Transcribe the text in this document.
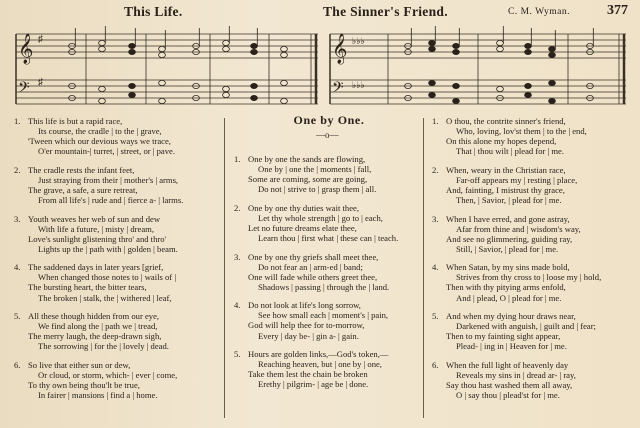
This Life.	The Sinner's Friend.	C. M. Wyman.	377
𝄞
𝄢
♯
♯
𝄞
𝄢
♭♭♭
♭♭♭
One by One.
—o—
1. This life is but a rapid race,
Its course, the cradle | to the | grave,
'Tween which our devious ways we trace,
O'er mountain-| turret, | street, or | pave.
2. The cradle rests the infant feet,
Just straying from their | mother's | arms,
The grave, a safe, a sure retreat,
From all life's | rude and | fierce a- | larms.
3. Youth weaves her web of sun and dew
With life a future, | misty | dream,
Love's sunlight glistening thro' and thro'
Lights up the | path with | golden | beam.
4. The saddened days in later years [grief,
When changed those notes to | wails of |
The bursting heart, the bitter tears,
The broken | stalk, the | withered | leaf,
5. All these though hidden from our eye,
We find along the | path we | tread,
The merry laugh, the deep-drawn sigh,
The sorrowing | for the | lovely | dead.
6. So live that either sun or dew,
Or cloud, or storm, which- | ever | come,
To thy own being thou'lt be true,
In fairer | mansions | find a | home.
1. One by one the sands are flowing,
One by | one the | moments | fall,
Some are coming, some are going,
Do not | strive to | grasp them | all.
2. One by one thy duties wait thee,
Let thy whole strength | go to | each,
Let no future dreams elate thee,
Learn thou | first what | these can | teach.
3. One by one thy griefs shall meet thee,
Do not fear an | arm-ed | band;
One will fade while others greet thee,
Shadows | passing | through the | land.
4. Do not look at life's long sorrow,
See how small each | moment's | pain,
God will help thee for to-morrow,
Every | day be- | gin a- | gain.
5. Hours are golden links,—God's token,—
Reaching heaven, but | one by | one,
Take them lest the chain be broken
Erethy | pilgrim- | age be | done.
1. O thou, the contrite sinner's friend,
Who, loving, lov'st them | to the | end,
On this alone my hopes depend,
That | thou wilt | plead for | me.
2. When, weary in the Christian race,
Far-off appears my | resting | place,
And, fainting, I mistrust thy grace,
Then, | Savior, | plead for | me.
3. When I have erred, and gone astray,
Afar from thine and | wisdom's way,
And see no glimmering, guiding ray,
Still, | Savior, | plead for | me.
4. When Satan, by my sins made bold,
Strives from thy cross to | loose my | hold,
Then with thy pitying arms enfold,
And | plead, O | plead for | me.
5. And when my dying hour draws near,
Darkened with anguish, | guilt and | fear;
Then to my fainting sight appear,
Plead- | ing in | Heaven for | me.
6. When the full light of heavenly day
Reveals my sins in | dread ar- | ray,
Say thou hast washed them all away,
O | say thou | plead'st for | me.
